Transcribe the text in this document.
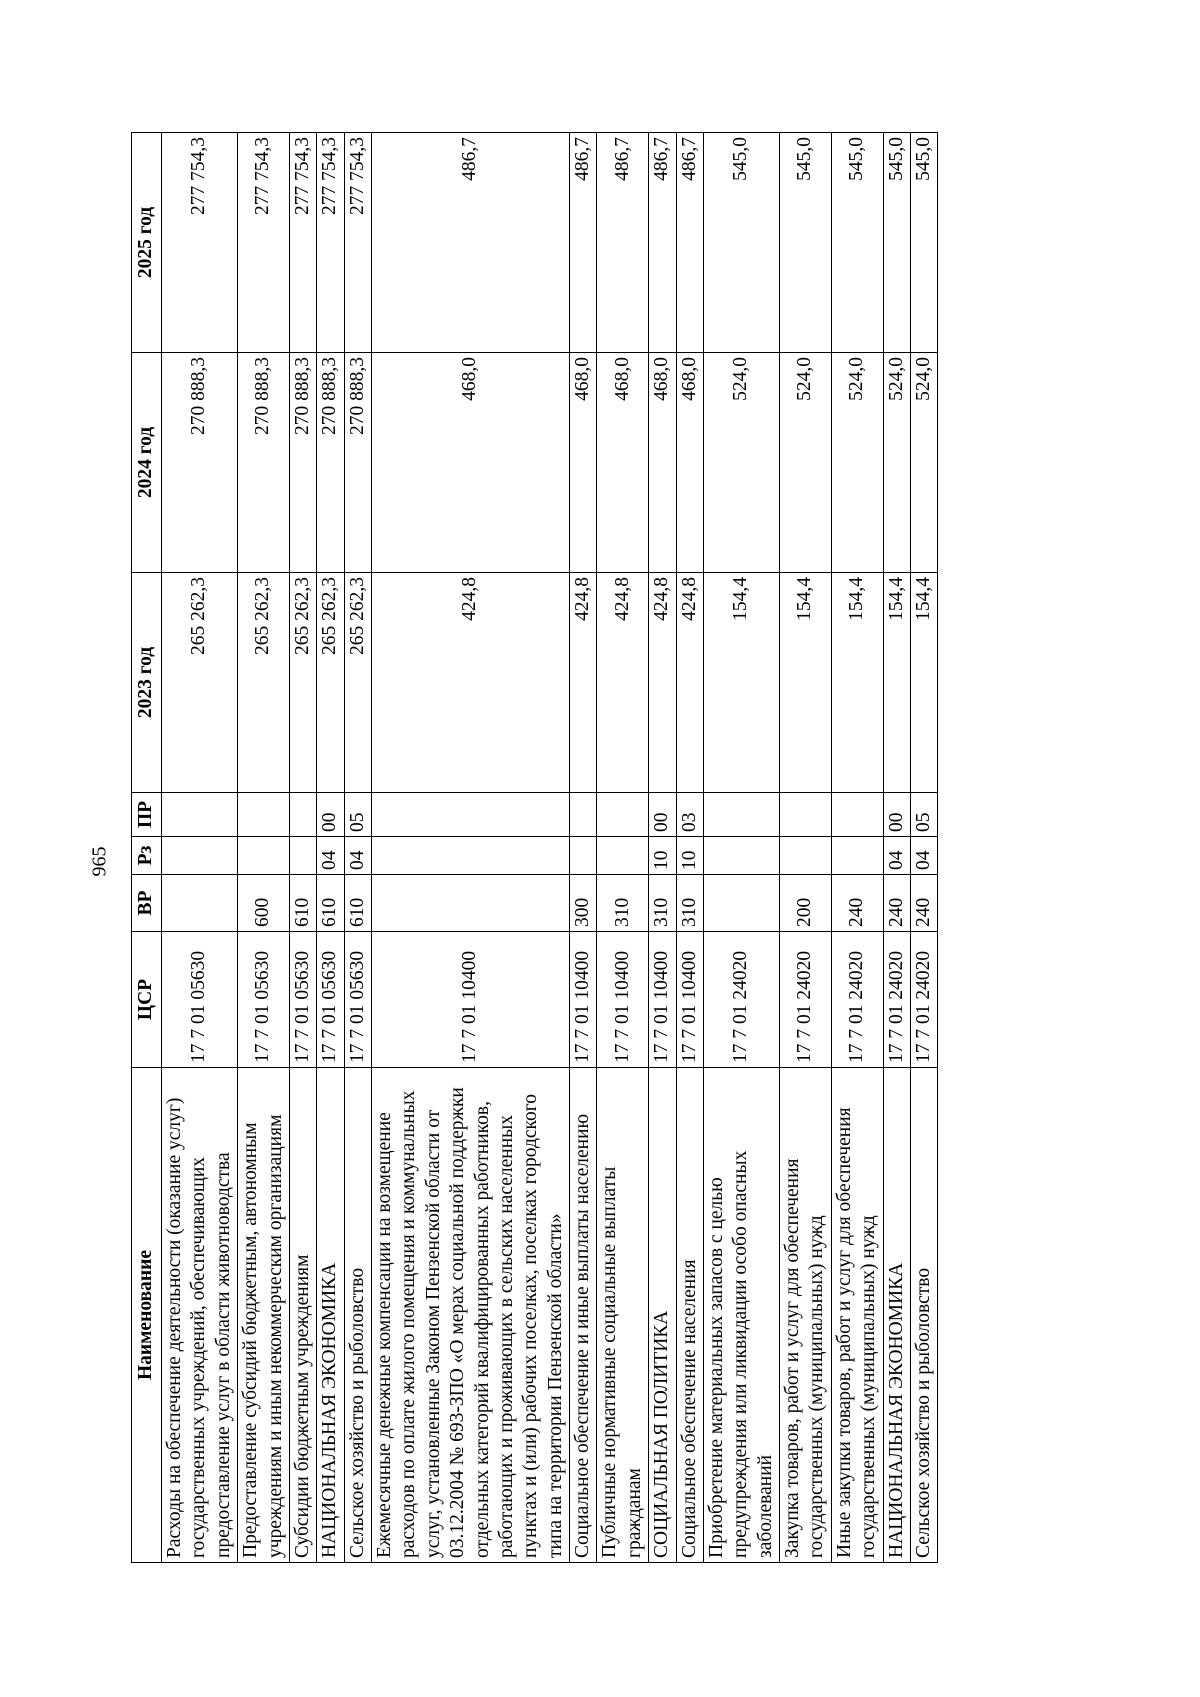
965
Наименование	ЦСР	ВР	Рз	ПР	2023 год	2024 год	2025 год
Расходы на обеспечение деятельности (оказание услуг) государственных учреждений, обеспечивающих предоставление услуг в области животноводства	17 7 01 05630				265 262,3	270 888,3	277 754,3
Предоставление субсидий бюджетным, автономным учреждениям и иным некоммерческим организациям	17 7 01 05630	600			265 262,3	270 888,3	277 754,3
Субсидии бюджетным учреждениям	17 7 01 05630	610			265 262,3	270 888,3	277 754,3
НАЦИОНАЛЬНАЯ ЭКОНОМИКА	17 7 01 05630	610	04	00	265 262,3	270 888,3	277 754,3
Сельское хозяйство и рыболовство	17 7 01 05630	610	04	05	265 262,3	270 888,3	277 754,3
Ежемесячные денежные компенсации на возмещение расходов по оплате жилого помещения и коммунальных услуг, установленные Законом Пензенской области от 03.12.2004 № 693-ЗПО «О мерах социальной поддержки отдельных категорий квалифицированных работников, работающих и проживающих в сельских населенных пунктах и (или) рабочих поселках, поселках городского типа на территории Пензенской области»	17 7 01 10400				424,8	468,0	486,7
Социальное обеспечение и иные выплаты населению	17 7 01 10400	300			424,8	468,0	486,7
Публичные нормативные социальные выплаты гражданам	17 7 01 10400	310			424,8	468,0	486,7
СОЦИАЛЬНАЯ ПОЛИТИКА	17 7 01 10400	310	10	00	424,8	468,0	486,7
Социальное обеспечение населения	17 7 01 10400	310	10	03	424,8	468,0	486,7
Приобретение материальных запасов с целью предупреждения или ликвидации особо опасных заболеваний	17 7 01 24020				154,4	524,0	545,0
Закупка товаров, работ и услуг для обеспечения государственных (муниципальных) нужд	17 7 01 24020	200			154,4	524,0	545,0
Иные закупки товаров, работ и услуг для обеспечения государственных (муниципальных) нужд	17 7 01 24020	240			154,4	524,0	545,0
НАЦИОНАЛЬНАЯ ЭКОНОМИКА	17 7 01 24020	240	04	00	154,4	524,0	545,0
Сельское хозяйство и рыболовство	17 7 01 24020	240	04	05	154,4	524,0	545,0
